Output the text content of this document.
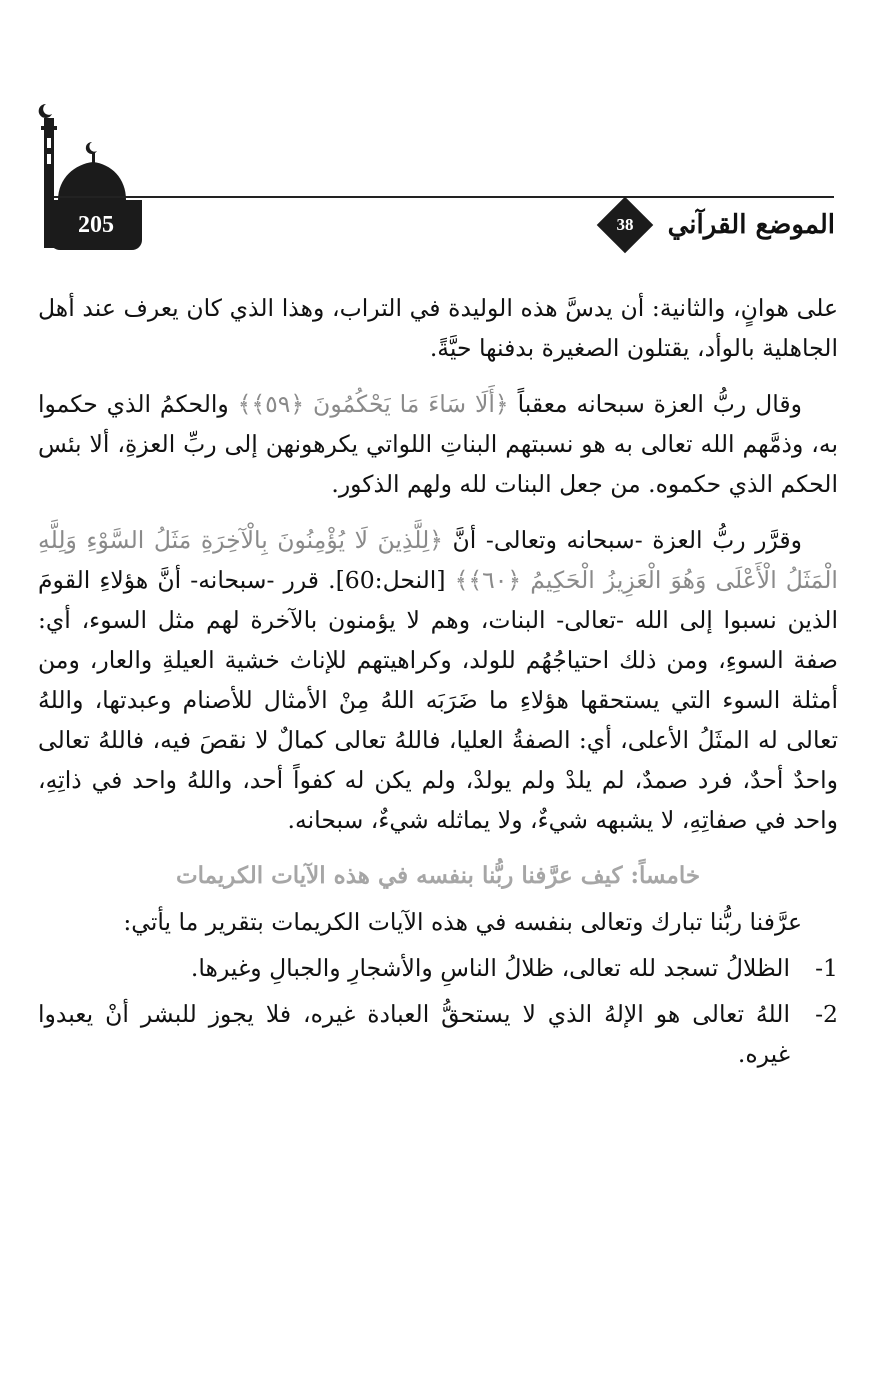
205	38	الموضع القرآني

على هوانٍ، والثانية: أن يدسَّ هذه الوليدة في التراب، وهذا الذي كان يعرف عند أهل الجاهلية بالوأد، يقتلون الصغيرة بدفنها حيَّةً.

وقال ربُّ العزة سبحانه معقباً ﴿أَلَا سَاءَ مَا يَحْكُمُونَ ﴿٥٩﴾﴾ والحكمُ الذي حكموا به، وذمَّهم الله تعالى به هو نسبتهم البناتِ اللواتي يكرهونهن إلى ربِّ العزةِ، ألا بئس الحكم الذي حكموه. من جعل البنات لله ولهم الذكور.

وقرَّر ربُّ العزة -سبحانه وتعالى- أنَّ ﴿لِلَّذِينَ لَا يُؤْمِنُونَ بِالْآخِرَةِ مَثَلُ السَّوْءِ وَلِلَّهِ الْمَثَلُ الْأَعْلَى وَهُوَ الْعَزِيزُ الْحَكِيمُ ﴿٦٠﴾﴾ [النحل:60]. قرر -سبحانه- أنَّ هؤلاءِ القومَ الذين نسبوا إلى الله -تعالى- البنات، وهم لا يؤمنون بالآخرة لهم مثل السوء، أي: صفة السوءِ، ومن ذلك احتياجُهُم للولد، وكراهيتهم للإناث خشية العيلةِ والعار، ومن أمثلة السوء التي يستحقها هؤلاءِ ما ضَرَبَه اللهُ مِنْ الأمثال للأصنام وعبدتها، واللهُ تعالى له المثَلُ الأعلى، أي: الصفةُ العليا، فاللهُ تعالى كمالٌ لا نقصَ فيه، فاللهُ تعالى واحدٌ أحدٌ، فرد صمدٌ، لم يلدْ ولم يولدْ، ولم يكن له كفواً أحد، واللهُ واحد في ذاتِهِ، واحد في صفاتِهِ، لا يشبهه شيءٌ، ولا يماثله شيءٌ، سبحانه.

خامساً: كيف عرَّفنا ربُّنا بنفسه في هذه الآيات الكريمات

عرَّفنا ربُّنا تبارك وتعالى بنفسه في هذه الآيات الكريمات بتقرير ما يأتي:

1-
الظلالُ تسجد لله تعالى، ظلالُ الناسِ والأشجارِ والجبالِ وغيرها.
2-
اللهُ تعالى هو الإلهُ الذي لا يستحقُّ العبادة غيره، فلا يجوز للبشر أنْ يعبدوا غيره.
